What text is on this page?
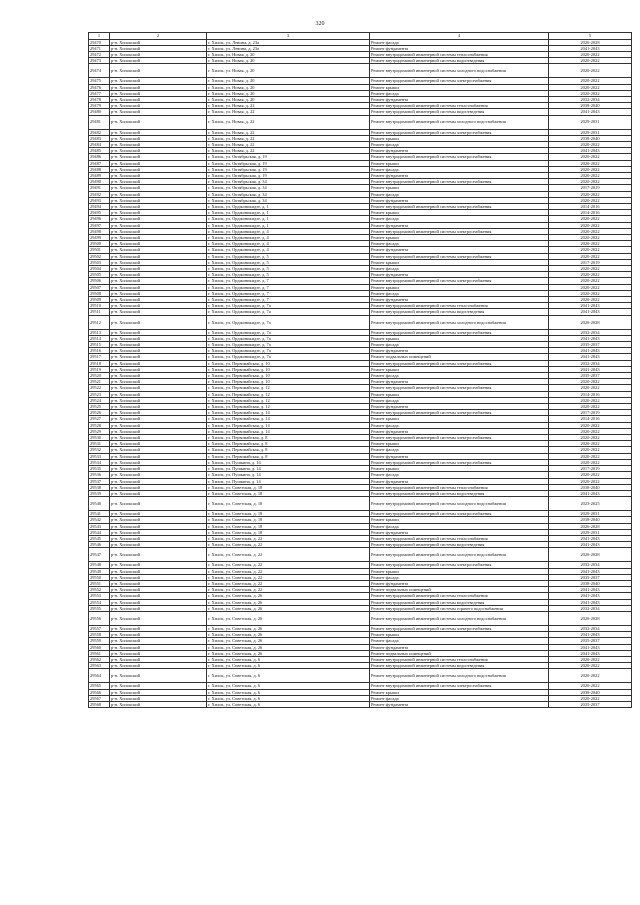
320
1	2	3	4	5
29470	р-н. Хилокский	г. Хилок, ул. Ленина, д. 23а	Ремонт фасада	2026-2028
29471	р-н. Хилокский	г. Хилок, ул. Ленина, д. 23а	Ремонт фундамента	2041-2043
29472	р-н. Хилокский	г. Хилок, ул. Новая, д. 20	Ремонт внутридомовой инженерной системы теплоснабжения	2020-2022
29473	р-н. Хилокский	г. Хилок, ул. Новая, д. 20	Ремонт внутридомовой инженерной системы водоотведения	2020-2022
29474	р-н. Хилокский	г. Хилок, ул. Новая, д. 20	Ремонт внутридомовой инженерной системы холодного водоснабжения	2020-2022
29475	р-н. Хилокский	г. Хилок, ул. Новая, д. 20	Ремонт внутридомовой инженерной системы электроснабжения	2020-2022
29476	р-н. Хилокский	г. Хилок, ул. Новая, д. 20	Ремонт крыши	2020-2022
29477	р-н. Хилокский	г. Хилок, ул. Новая, д. 20	Ремонт фасада	2020-2022
29478	р-н. Хилокский	г. Хилок, ул. Новая, д. 20	Ремонт фундамента	2032-2034
29479	р-н. Хилокский	г. Хилок, ул. Новая, д. 22	Ремонт внутридомовой инженерной системы теплоснабжения	2038-2040
29480	р-н. Хилокский	г. Хилок, ул. Новая, д. 22	Ремонт внутридомовой инженерной системы водоотведения	2041-2043
29481	р-н. Хилокский	г. Хилок, ул. Новая, д. 22	Ремонт внутридомовой инженерной системы холодного водоснабжения	2029-2031
29482	р-н. Хилокский	г. Хилок, ул. Новая, д. 22	Ремонт внутридомовой инженерной системы электроснабжения	2029-2031
29483	р-н. Хилокский	г. Хилок, ул. Новая, д. 22	Ремонт крыши	2038-2040
29484	р-н. Хилокский	г. Хилок, ул. Новая, д. 22	Ремонт фасада	2020-2022
29485	р-н. Хилокский	г. Хилок, ул. Новая, д. 22	Ремонт фундамента	2041-2043
29486	р-н. Хилокский	г. Хилок, ул. Октябрьская, д. 19	Ремонт внутридомовой инженерной системы электроснабжения	2020-2022
29487	р-н. Хилокский	г. Хилок, ул. Октябрьская, д. 19	Ремонт крыши	2020-2022
29488	р-н. Хилокский	г. Хилок, ул. Октябрьская, д. 19	Ремонт фасада	2020-2022
29489	р-н. Хилокский	г. Хилок, ул. Октябрьская, д. 19	Ремонт фундамента	2020-2022
29490	р-н. Хилокский	г. Хилок, ул. Октябрьская, д. 34	Ремонт внутридомовой инженерной системы электроснабжения	2020-2022
29491	р-н. Хилокский	г. Хилок, ул. Октябрьская, д. 34	Ремонт крыши	2017-2019
29492	р-н. Хилокский	г. Хилок, ул. Октябрьская, д. 34	Ремонт фасада	2020-2022
29493	р-н. Хилокский	г. Хилок, ул. Октябрьская, д. 34	Ремонт фундамента	2020-2022
29494	р-н. Хилокский	г. Хилок, ул. Орджоникидзе, д. 1	Ремонт внутридомовой инженерной системы электроснабжения	2014-2016
29495	р-н. Хилокский	г. Хилок, ул. Орджоникидзе, д. 1	Ремонт крыши	2014-2016
29496	р-н. Хилокский	г. Хилок, ул. Орджоникидзе, д. 1	Ремонт фасада	2020-2022
29497	р-н. Хилокский	г. Хилок, ул. Орджоникидзе, д. 1	Ремонт фундамента	2020-2022
29498	р-н. Хилокский	г. Хилок, ул. Орджоникидзе, д. 4	Ремонт внутридомовой инженерной системы электроснабжения	2020-2022
29499	р-н. Хилокский	г. Хилок, ул. Орджоникидзе, д. 4	Ремонт крыши	2020-2022
29500	р-н. Хилокский	г. Хилок, ул. Орджоникидзе, д. 4	Ремонт фасада	2020-2022
29501	р-н. Хилокский	г. Хилок, ул. Орджоникидзе, д. 4	Ремонт фундамента	2020-2022
29502	р-н. Хилокский	г. Хилок, ул. Орджоникидзе, д. 5	Ремонт внутридомовой инженерной системы электроснабжения	2020-2022
29503	р-н. Хилокский	г. Хилок, ул. Орджоникидзе, д. 5	Ремонт крыши	2017-2019
29504	р-н. Хилокский	г. Хилок, ул. Орджоникидзе, д. 5	Ремонт фасада	2020-2022
29505	р-н. Хилокский	г. Хилок, ул. Орджоникидзе, д. 5	Ремонт фундамента	2020-2022
29506	р-н. Хилокский	г. Хилок, ул. Орджоникидзе, д. 7	Ремонт внутридомовой инженерной системы электроснабжения	2020-2022
29507	р-н. Хилокский	г. Хилок, ул. Орджоникидзе, д. 7	Ремонт крыши	2020-2022
29508	р-н. Хилокский	г. Хилок, ул. Орджоникидзе, д. 7	Ремонт фасада	2020-2022
29509	р-н. Хилокский	г. Хилок, ул. Орджоникидзе, д. 7	Ремонт фундамента	2020-2022
29510	р-н. Хилокский	г. Хилок, ул. Орджоникидзе, д. 7а	Ремонт внутридомовой инженерной системы теплоснабжения	2041-2043
29511	р-н. Хилокский	г. Хилок, ул. Орджоникидзе, д. 7а	Ремонт внутридомовой инженерной системы водоотведения	2041-2043
29512	р-н. Хилокский	г. Хилок, ул. Орджоникидзе, д. 7а	Ремонт внутридомовой инженерной системы холодного водоснабжения	2026-2028
29513	р-н. Хилокский	г. Хилок, ул. Орджоникидзе, д. 7а	Ремонт внутридомовой инженерной системы электроснабжения	2032-2034
29514	р-н. Хилокский	г. Хилок, ул. Орджоникидзе, д. 7а	Ремонт крыши	2041-2043
29515	р-н. Хилокский	г. Хилок, ул. Орджоникидзе, д. 7а	Ремонт фасада	2035-2037
29516	р-н. Хилокский	г. Хилок, ул. Орджоникидзе, д. 7а	Ремонт фундамента	2041-2043
29517	р-н. Хилокский	г. Хилок, ул. Орджоникидзе, д. 7а	Ремонт подвальных помещений	2041-2043
29518	р-н. Хилокский	г. Хилок, ул. Первомайская, д. 10	Ремонт внутридомовой инженерной системы электроснабжения	2032-2034
29519	р-н. Хилокский	г. Хилок, ул. Первомайская, д. 10	Ремонт крыши	2041-2043
29520	р-н. Хилокский	г. Хилок, ул. Первомайская, д. 10	Ремонт фасада	2035-2037
29521	р-н. Хилокский	г. Хилок, ул. Первомайская, д. 10	Ремонт фундамента	2020-2022
29522	р-н. Хилокский	г. Хилок, ул. Первомайская, д. 12	Ремонт внутридомовой инженерной системы электроснабжения	2020-2022
29523	р-н. Хилокский	г. Хилок, ул. Первомайская, д. 12	Ремонт крыши	2014-2016
29524	р-н. Хилокский	г. Хилок, ул. Первомайская, д. 12	Ремонт фасада	2020-2022
29525	р-н. Хилокский	г. Хилок, ул. Первомайская, д. 12	Ремонт фундамента	2020-2022
29526	р-н. Хилокский	г. Хилок, ул. Первомайская, д. 14	Ремонт внутридомовой инженерной системы электроснабжения	2017-2019
29527	р-н. Хилокский	г. Хилок, ул. Первомайская, д. 14	Ремонт крыши	2014-2016
29528	р-н. Хилокский	г. Хилок, ул. Первомайская, д. 14	Ремонт фасада	2020-2022
29529	р-н. Хилокский	г. Хилок, ул. Первомайская, д. 14	Ремонт фундамента	2020-2022
29530	р-н. Хилокский	г. Хилок, ул. Первомайская, д. 8	Ремонт внутридомовой инженерной системы электроснабжения	2020-2022
29531	р-н. Хилокский	г. Хилок, ул. Первомайская, д. 8	Ремонт крыши	2020-2022
29532	р-н. Хилокский	г. Хилок, ул. Первомайская, д. 8	Ремонт фасада	2020-2022
29533	р-н. Хилокский	г. Хилок, ул. Первомайская, д. 8	Ремонт фундамента	2020-2022
29534	р-н. Хилокский	г. Хилок, ул. Пушкина, д. 14	Ремонт внутридомовой инженерной системы электроснабжения	2020-2022
29535	р-н. Хилокский	г. Хилок, ул. Пушкина, д. 14	Ремонт крыши	2017-2019
29536	р-н. Хилокский	г. Хилок, ул. Пушкина, д. 14	Ремонт фасада	2020-2022
29537	р-н. Хилокский	г. Хилок, ул. Пушкина, д. 14	Ремонт фундамента	2020-2022
29538	р-н. Хилокский	г. Хилок, ул. Советская, д. 18	Ремонт внутридомовой инженерной системы теплоснабжения	2038-2040
29539	р-н. Хилокский	г. Хилок, ул. Советская, д. 18	Ремонт внутридомовой инженерной системы водоотведения	2041-2043
29540	р-н. Хилокский	г. Хилок, ул. Советская, д. 18	Ремонт внутридомовой инженерной системы холодного водоснабжения	2023-2025
29541	р-н. Хилокский	г. Хилок, ул. Советская, д. 18	Ремонт внутридомовой инженерной системы электроснабжения	2029-2031
29542	р-н. Хилокский	г. Хилок, ул. Советская, д. 18	Ремонт крыши	2038-2040
29543	р-н. Хилокский	г. Хилок, ул. Советская, д. 18	Ремонт фасада	2026-2028
29544	р-н. Хилокский	г. Хилок, ул. Советская, д. 18	Ремонт фундамента	2029-2031
29545	р-н. Хилокский	г. Хилок, ул. Советская, д. 22	Ремонт внутридомовой инженерной системы теплоснабжения	2041-2043
29546	р-н. Хилокский	г. Хилок, ул. Советская, д. 22	Ремонт внутридомовой инженерной системы водоотведения	2041-2043
29547	р-н. Хилокский	г. Хилок, ул. Советская, д. 22	Ремонт внутридомовой инженерной системы холодного водоснабжения	2026-2028
29548	р-н. Хилокский	г. Хилок, ул. Советская, д. 22	Ремонт внутридомовой инженерной системы электроснабжения	2032-2034
29549	р-н. Хилокский	г. Хилок, ул. Советская, д. 22	Ремонт крыши	2041-2043
29550	р-н. Хилокский	г. Хилок, ул. Советская, д. 22	Ремонт фасада	2035-2037
29551	р-н. Хилокский	г. Хилок, ул. Советская, д. 22	Ремонт фундамента	2038-2040
29552	р-н. Хилокский	г. Хилок, ул. Советская, д. 22	Ремонт подвальных помещений	2041-2043
29553	р-н. Хилокский	г. Хилок, ул. Советская, д. 26	Ремонт внутридомовой инженерной системы теплоснабжения	2041-2043
29554	р-н. Хилокский	г. Хилок, ул. Советская, д. 26	Ремонт внутридомовой инженерной системы водоотведения	2041-2043
29555	р-н. Хилокский	г. Хилок, ул. Советская, д. 26	Ремонт внутридомовой инженерной системы горячего водоснабжения	2032-2034
29556	р-н. Хилокский	г. Хилок, ул. Советская, д. 26	Ремонт внутридомовой инженерной системы холодного водоснабжения	2026-2028
29557	р-н. Хилокский	г. Хилок, ул. Советская, д. 26	Ремонт внутридомовой инженерной системы электроснабжения	2032-2034
29558	р-н. Хилокский	г. Хилок, ул. Советская, д. 26	Ремонт крыши	2041-2043
29559	р-н. Хилокский	г. Хилок, ул. Советская, д. 26	Ремонт фасада	2035-2037
29560	р-н. Хилокский	г. Хилок, ул. Советская, д. 26	Ремонт фундамента	2041-2043
29561	р-н. Хилокский	г. Хилок, ул. Советская, д. 26	Ремонт подвальных помещений	2041-2043
29562	р-н. Хилокский	г. Хилок, ул. Советская, д. 6	Ремонт внутридомовой инженерной системы теплоснабжения	2020-2022
29563	р-н. Хилокский	г. Хилок, ул. Советская, д. 6	Ремонт внутридомовой инженерной системы водоотведения	2020-2022
29564	р-н. Хилокский	г. Хилок, ул. Советская, д. 6	Ремонт внутридомовой инженерной системы холодного водоснабжения	2020-2022
29565	р-н. Хилокский	г. Хилок, ул. Советская, д. 6	Ремонт внутридомовой инженерной системы электроснабжения	2020-2022
29566	р-н. Хилокский	г. Хилок, ул. Советская, д. 6	Ремонт крыши	2038-2040
29567	р-н. Хилокский	г. Хилок, ул. Советская, д. 6	Ремонт фасада	2020-2022
29568	р-н. Хилокский	г. Хилок, ул. Советская, д. 6	Ремонт фундамента	2035-2037
